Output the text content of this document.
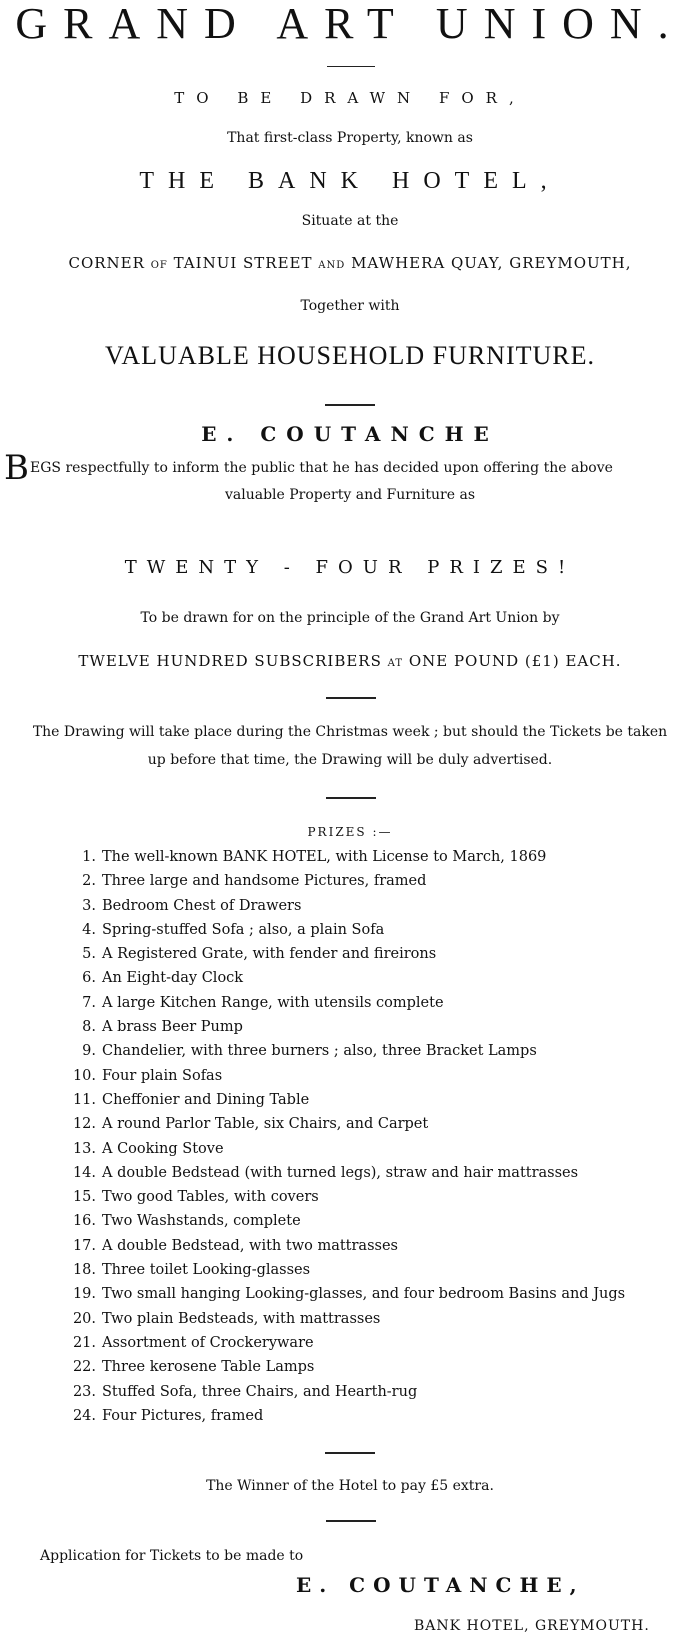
GRAND ART UNION.
TO BE DRAWN FOR,
That first-class Property, known as
THE BANK HOTEL,
Situate at the
CORNER OF TAINUI STREET AND MAWHERA QUAY, GREYMOUTH,
Together with
VALUABLE HOUSEHOLD FURNITURE.
E. COUTANCHE
BEGS respectfully to inform the public that he has decided upon offering the above
valuable Property and Furniture as
TWENTY - FOUR PRIZES!
To be drawn for on the principle of the Grand Art Union by
TWELVE HUNDRED SUBSCRIBERS AT ONE POUND (£1) EACH.
The Drawing will take place during the Christmas week ; but should the Tickets be taken
up before that time, the Drawing will be duly advertised.
PRIZES :—
1. The well-known BANK HOTEL, with License to March, 1869
2. Three large and handsome Pictures, framed
3. Bedroom Chest of Drawers
4. Spring-stuffed Sofa ; also, a plain Sofa
5. A Registered Grate, with fender and fireirons
6. An Eight-day Clock
7. A large Kitchen Range, with utensils complete
8. A brass Beer Pump
9. Chandelier, with three burners ; also, three Bracket Lamps
10. Four plain Sofas
11. Cheffonier and Dining Table
12. A round Parlor Table, six Chairs, and Carpet
13. A Cooking Stove
14. A double Bedstead (with turned legs), straw and hair mattrasses
15. Two good Tables, with covers
16. Two Washstands, complete
17. A double Bedstead, with two mattrasses
18. Three toilet Looking-glasses
19. Two small hanging Looking-glasses, and four bedroom Basins and Jugs
20. Two plain Bedsteads, with mattrasses
21. Assortment of Crockeryware
22. Three kerosene Table Lamps
23. Stuffed Sofa, three Chairs, and Hearth-rug
24. Four Pictures, framed
The Winner of the Hotel to pay £5 extra.
Application for Tickets to be made to
E. COUTANCHE,
BANK HOTEL, GREYMOUTH.
